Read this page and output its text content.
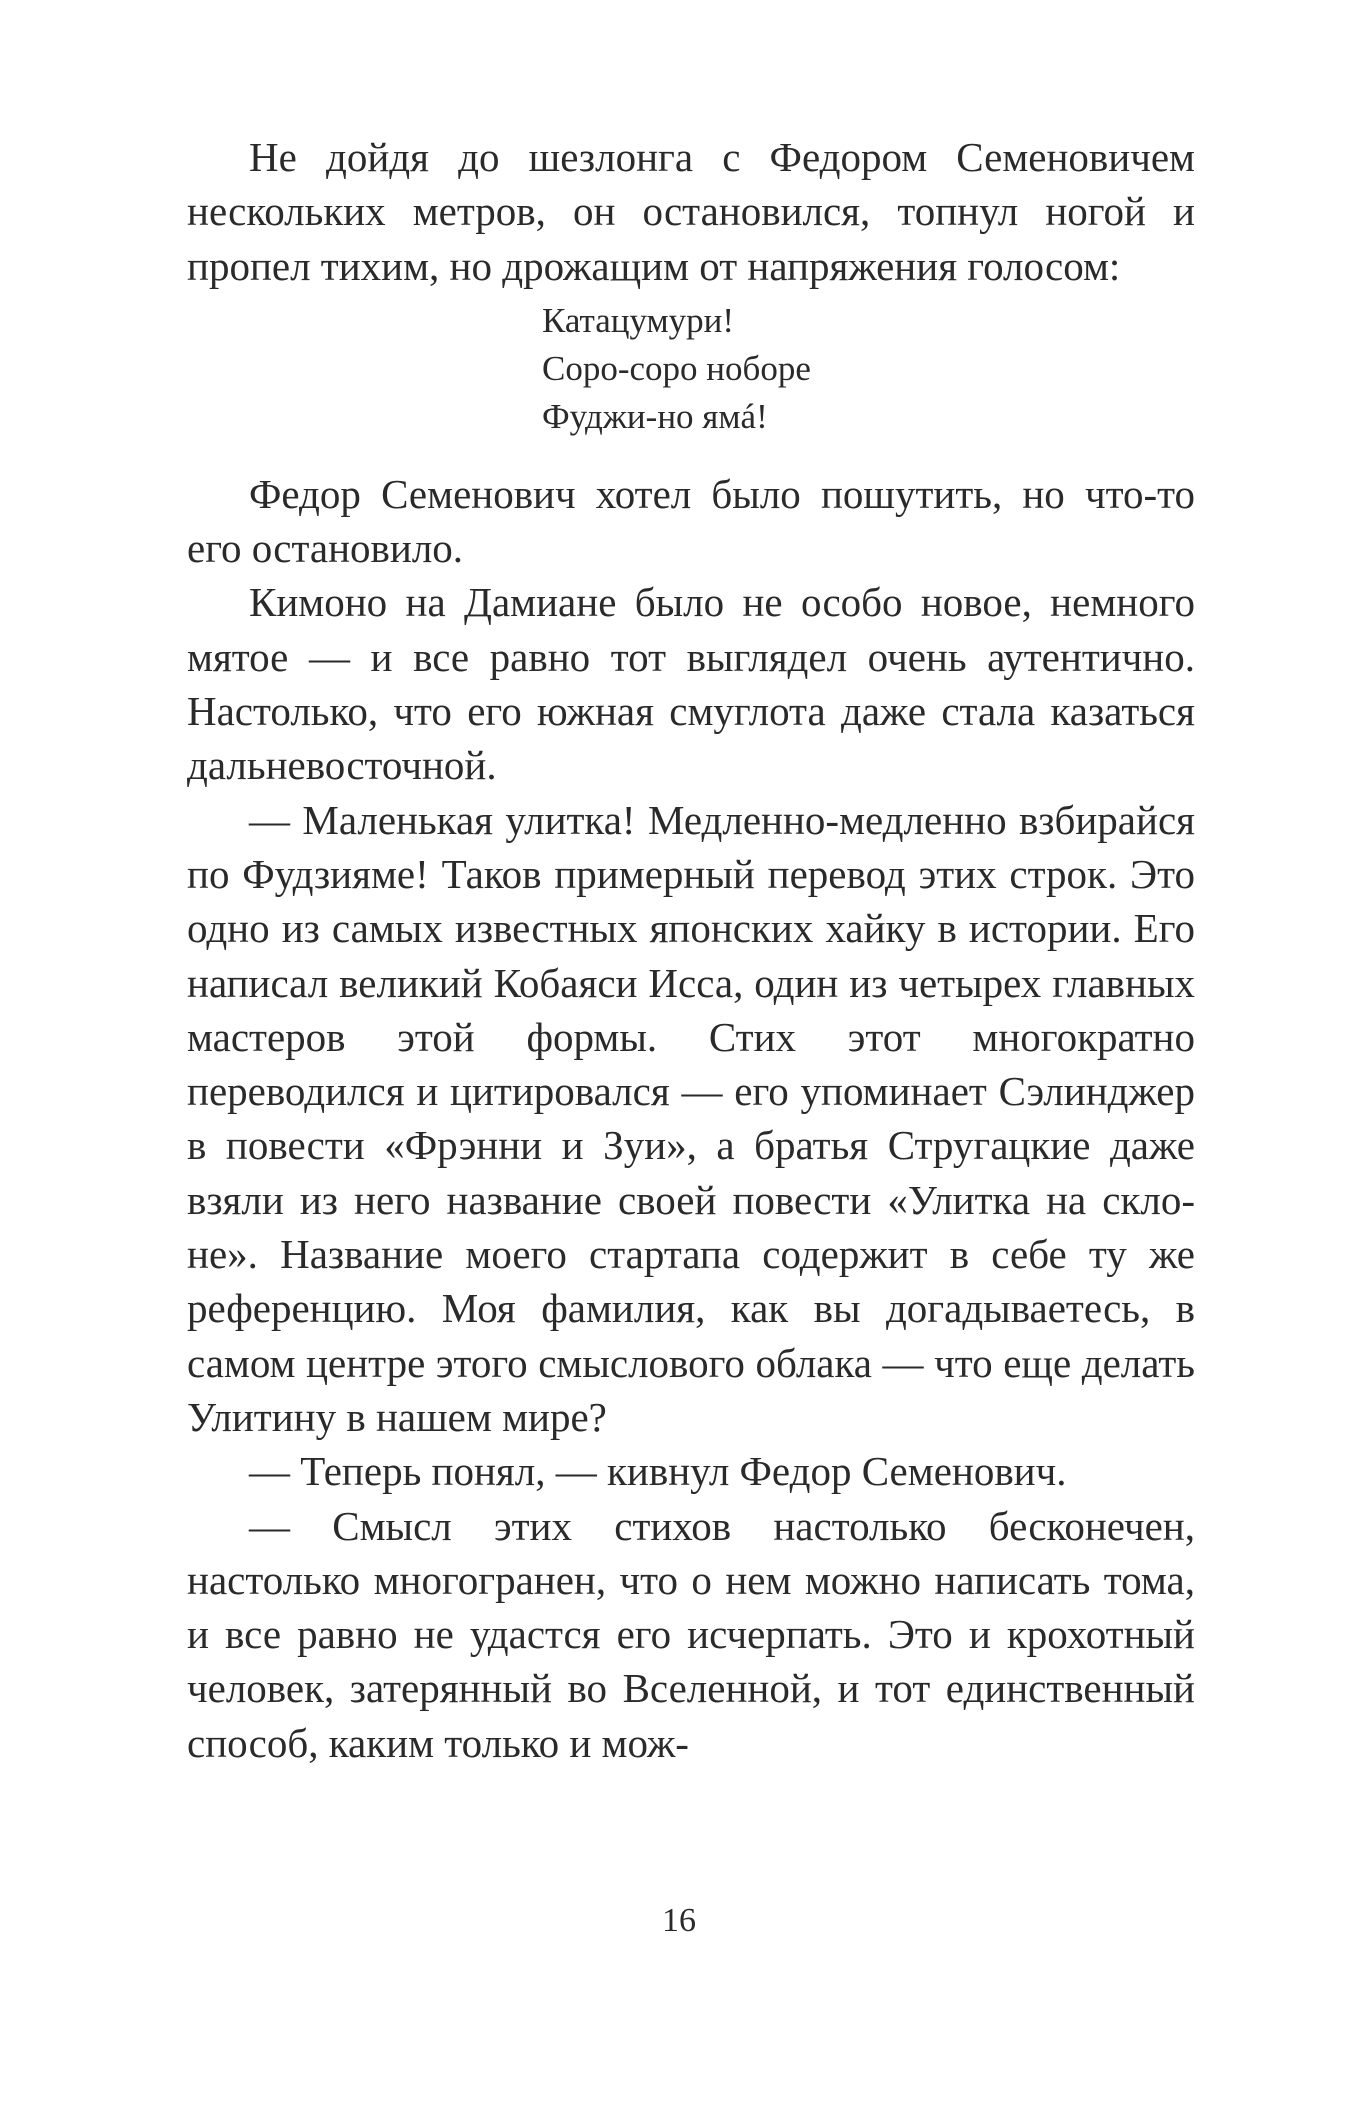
Не дойдя до шезлонга с Федором Семеновичем нескольких метров, он остановился, топнул ногой и пропел тихим, но дрожащим от напряжения голосом:

Катацумури!
Соро-соро нобоpe
Фуджи-но ямá!

Федор Семенович хотел было пошутить, но что-то его остановило.

Кимоно на Дамиане было не особо новое, немного мятое — и все равно тот выглядел очень аутентично. Настолько, что его южная смуглота даже стала казаться дальневосточной.

— Маленькая улитка! Медленно-медленно взбирайся по Фудзияме! Таков примерный перевод этих строк. Это одно из самых известных японских хайку в истории. Его написал великий Кобаяси Исса, один из четырех главных мастеров этой формы. Стих этот многократно переводился и цитировался — его упоминает Сэлинджер в повести «Фрэнни и Зуи», а братья Стругацкие даже взяли из него название своей повести «Улитка на склоне». Название моего стартапа содержит в себе ту же референцию. Моя фамилия, как вы догадываетесь, в самом центре этого смыслового облака — что еще делать Улитину в нашем мире?

— Теперь понял, — кивнул Федор Семенович.

— Смысл этих стихов настолько бесконечен, настолько многогранен, что о нем можно написать тома, и все равно не удастся его исчерпать. Это и крохотный человек, затерянный во Вселенной, и тот единственный способ, каким только и мож-

16
